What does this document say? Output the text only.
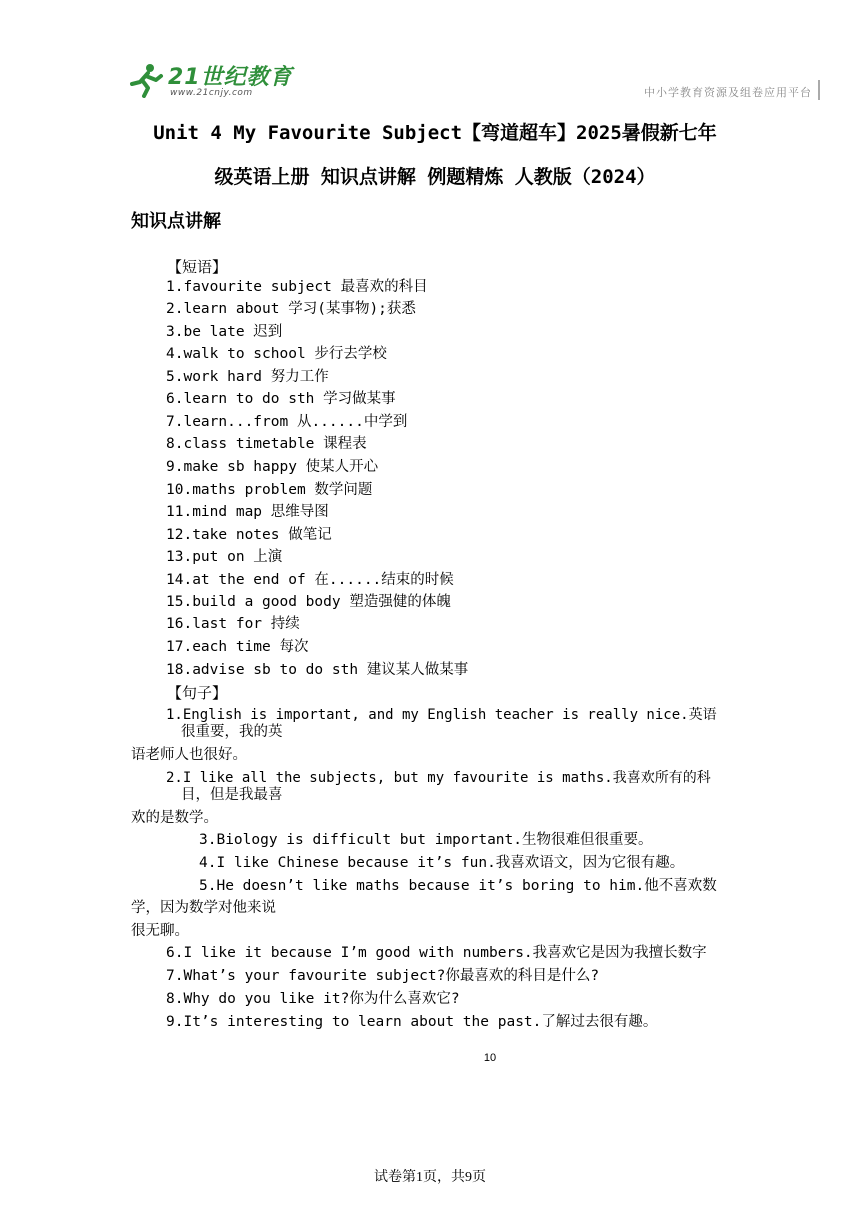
21世纪教育
www.21cnjy.com	中小学教育资源及组卷应用平台
Unit 4 My Favourite Subject【弯道超车】2025暑假新七年
级英语上册 知识点讲解 例题精炼 人教版（2024）
知识点讲解
【短语】
1.favourite subject 最喜欢的科目
2.learn about 学习(某事物);获悉
3.be late 迟到
4.walk to school 步行去学校
5.work hard 努力工作
6.learn to do sth 学习做某事
7.learn...from 从......中学到
8.class timetable 课程表
9.make sb happy 使某人开心
10.maths problem 数学问题
11.mind map 思维导图
12.take notes 做笔记
13.put on 上演
14.at the end of 在......结束的时候
15.build a good body 塑造强健的体魄
16.last for 持续
17.each time 每次
18.advise sb to do sth 建议某人做某事
【句子】
1.English is important, and my English teacher is really nice.英语
很重要，我的英
语老师人也很好。
2.I like all the subjects, but my favourite is maths.我喜欢所有的科
目，但是我最喜
欢的是数学。
3.Biology is difficult but important.生物很难但很重要。
4.I like Chinese because it’s fun.我喜欢语文，因为它很有趣。
5.He doesn’t like maths because it’s boring to him.他不喜欢数
学，因为数学对他来说
很无聊。
6.I like it because I’m good with numbers.我喜欢它是因为我擅长数字
7.What’s your favourite subject?你最喜欢的科目是什么?
8.Why do you like it?你为什么喜欢它?
9.It’s interesting to learn about the past.了解过去很有趣。
10
试卷第1页，共9页
